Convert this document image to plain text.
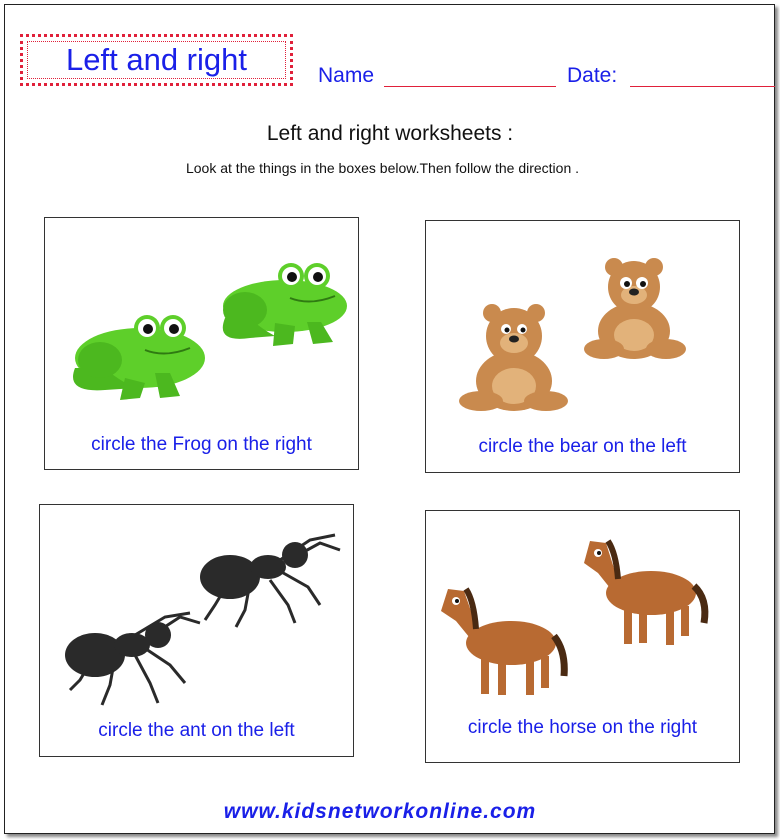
Left and right	Name	Date:
Left and right worksheets :
Look at the things in the boxes below.Then follow the direction .
circle the Frog on the right	circle the bear on the left
circle the ant on the left	circle the horse on the right
www.kidsnetworkonline.com
